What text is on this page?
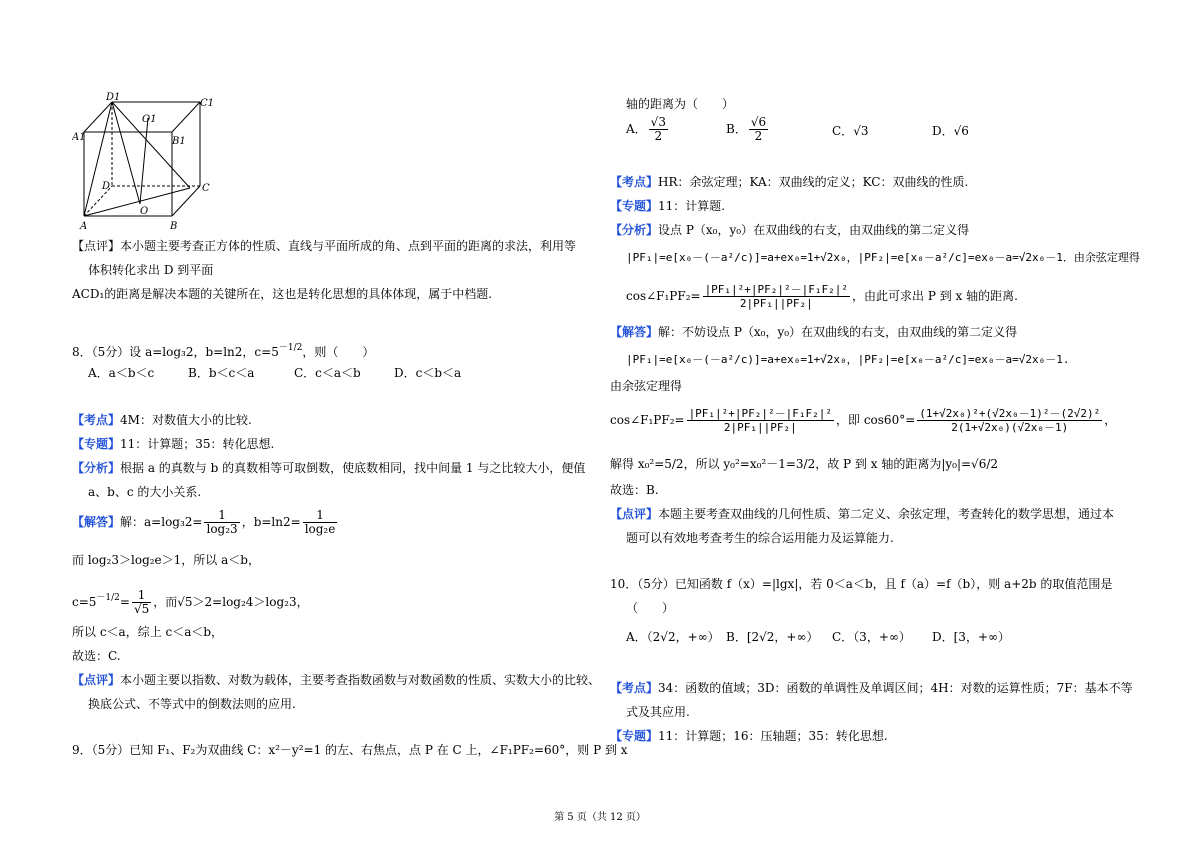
D1
C1
O1
A1	B1
D	C
O
A	B
【点评】本小题主要考查正方体的性质、直线与平面所成的角、点到平面的距离的求法，利用等
体积转化求出 D 到平面
ACD₁的距离是解决本题的关键所在，这也是转化思想的具体体现，属于中档题.
8．（5分）设 a=log₃2，b=ln2，$c=5^{-1/2}$，则（　　）
A．a＜b＜c	B．b＜c＜a	C．c＜a＜b	D．c＜b＜a
【考点】4M：对数值大小的比较.
【专题】11：计算题；35：转化思想.
【分析】根据 a 的真数与 b 的真数相等可取倒数，使底数相同，找中间量 1 与之比较大小，便值
a、b、c 的大小关系.
【解答】解：$a=\log_32= \frac{1}{\text{log₂3}}$ ，$b=\ln 2= \frac{1}{\text{log₂e}}$
而 log₂3＞log₂e＞1，所以 a＜b，
$c=5^{-1/2}= \frac{1}{√5}$ ，而√5＞2=log₂4＞log₂3，
所以 c＜a，综上 c＜a＜b，
故选：C.
【点评】本小题主要以指数、对数为载体，主要考查指数函数与对数函数的性质、实数大小的比较、
换底公式、不等式中的倒数法则的应用.
9．（5分）已知 F₁、F₂为双曲线 C：x²－y²=1 的左、右焦点，点 P 在 C 上，∠F₁PF₂=60°，则 P 到 x
轴的距离为（　　）
A． $\frac{√3}{2}$	B． $\frac{√6}{2}$	C．√3	D．√6
【考点】HR：余弦定理；KA：双曲线的定义；KC：双曲线的性质.
【专题】11：计算题.
【分析】设点 P（x₀，y₀）在双曲线的右支，由双曲线的第二定义得
|PF₁|=e[x₀－(－a²/c)]=a+ex₀=1+√2x₀，|PF₂|=e[x₀－a²/c]=ex₀－a=√2x₀－1．由余弦定理得
cos∠F₁PF₂= $\frac{\text{|PF₁|²+|PF₂|²－|F₁F₂|²}}{\text{2|PF₁||PF₂|}}$ ，由此可求出 P 到 x 轴的距离.
【解答】解：不妨设点 P（x₀，y₀）在双曲线的右支，由双曲线的第二定义得
|PF₁|=e[x₀－(－a²/c)]=a+ex₀=1+√2x₀，|PF₂|=e[x₀－a²/c]=ex₀－a=√2x₀－1.
由余弦定理得
cos∠F₁PF₂= $\frac{\text{|PF₁|²+|PF₂|²－|F₁F₂|²}}{\text{2|PF₁||PF₂|}}$ ，即 $\cos 60^\circ= \frac{\text{(1+√2x₀)²+(√2x₀－1)²－(2√2)²}}{\text{2(1+√2x₀)(√2x₀－1)}}$ ，
解得 x₀²=5/2，所以 y₀²=x₀²－1=3/2，故 P 到 x 轴的距离为|y₀|=√6/2
故选：B.
【点评】本题主要考查双曲线的几何性质、第二定义、余弦定理，考查转化的数学思想，通过本
题可以有效地考查考生的综合运用能力及运算能力.
10．（5分）已知函数 f（x）=|lgx|，若 0＜a＜b，且 f（a）=f（b），则 a+2b 的取值范围是
（　　）
A．（2√2，+∞） B．[2√2，+∞） C．（3，+∞） D．[3，+∞）
【考点】34：函数的值域；3D：函数的单调性及单调区间；4H：对数的运算性质；7F：基本不等
式及其应用.
【专题】11：计算题；16：压轴题；35：转化思想.
第 5 页（共 12 页）
